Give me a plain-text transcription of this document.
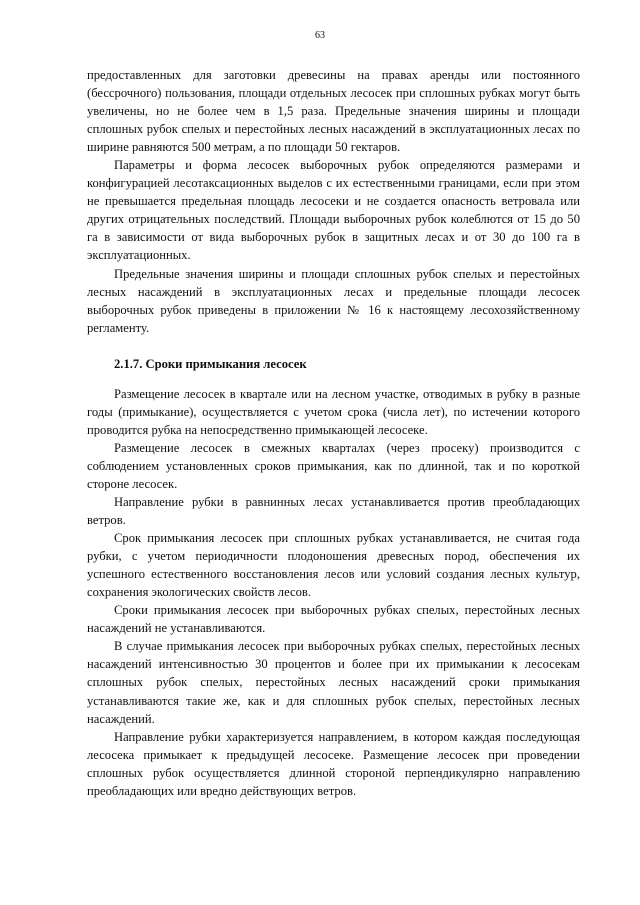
63

предоставленных для заготовки древесины на правах аренды или постоянного (бессрочного) пользования, площади отдельных лесосек при сплошных рубках могут быть увеличены, но не более чем в 1,5 раза. Предельные значения ширины и площади сплошных рубок спелых и перестойных лесных насаждений в эксплуатационных лесах по ширине равняются 500 метрам, а по площади 50 гектаров.

Параметры и форма лесосек выборочных рубок определяются размерами и конфигурацией лесотаксационных выделов с их естественными границами, если при этом не превышается предельная площадь лесосеки и не создается опасность ветровала или других отрицательных последствий. Площади выборочных рубок колеблются от 15 до 50 га в зависимости от вида выборочных рубок в защитных лесах и от 30 до 100 га в эксплуатационных.

Предельные значения ширины и площади сплошных рубок спелых и перестойных лесных насаждений в эксплуатационных лесах и предельные площади лесосек выборочных рубок приведены в приложении № 16 к настоящему лесохозяйственному регламенту.

2.1.7. Сроки примыкания лесосек

Размещение лесосек в квартале или на лесном участке, отводимых в рубку в разные годы (примыкание), осуществляется с учетом срока (числа лет), по истечении которого проводится рубка на непосредственно примыкающей лесосеке.

Размещение лесосек в смежных кварталах (через просеку) производится с соблюдением установленных сроков примыкания, как по длинной, так и по короткой стороне лесосек.

Направление рубки в равнинных лесах устанавливается против преобладающих ветров.

Срок примыкания лесосек при сплошных рубках устанавливается, не считая года рубки, с учетом периодичности плодоношения древесных пород, обеспечения их успешного естественного восстановления лесов или условий создания лесных культур, сохранения экологических свойств лесов.

Сроки примыкания лесосек при выборочных рубках спелых, перестойных лесных насаждений не устанавливаются.

В случае примыкания лесосек при выборочных рубках спелых, перестойных лесных насаждений интенсивностью 30 процентов и более при их примыкании к лесосекам сплошных рубок спелых, перестойных лесных насаждений сроки примыкания устанавливаются такие же, как и для сплошных рубок спелых, перестойных лесных насаждений.

Направление рубки характеризуется направлением, в котором каждая последующая лесосека примыкает к предыдущей лесосеке. Размещение лесосек при проведении сплошных рубок осуществляется длинной стороной перпендикулярно направлению преобладающих или вредно действующих ветров.
